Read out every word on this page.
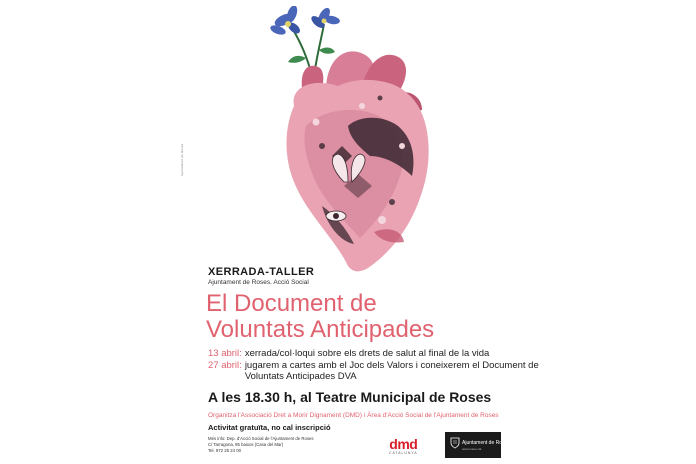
Ajuntament de Roses
XERRADA-TALLER
Ajuntament de Roses. Acció Social
El Document de
Voluntats Anticipades
13 abril: xerrada/col·loqui sobre els drets de salut al final de la vida
27 abril: jugarem a cartes amb el Joc dels Valors i coneixerem el Document de Voluntats Anticipades DVA
A les 18.30 h, al Teatre Municipal de Roses
Organitza l'Associació Dret a Morir Dignament (DMD) i Àrea d'Acció Social de l'Ajuntament de Roses
Activitat gratuïta, no cal inscripció
Més info: Dep. d'Acció Social de l'Ajuntament de Roses
C/ Tarragona, 85 baixos (Casa del Mar)
Tel. 972 25 24 00	dmd
CATALUNYA
Ajuntament de Roses
www.roses.cat
